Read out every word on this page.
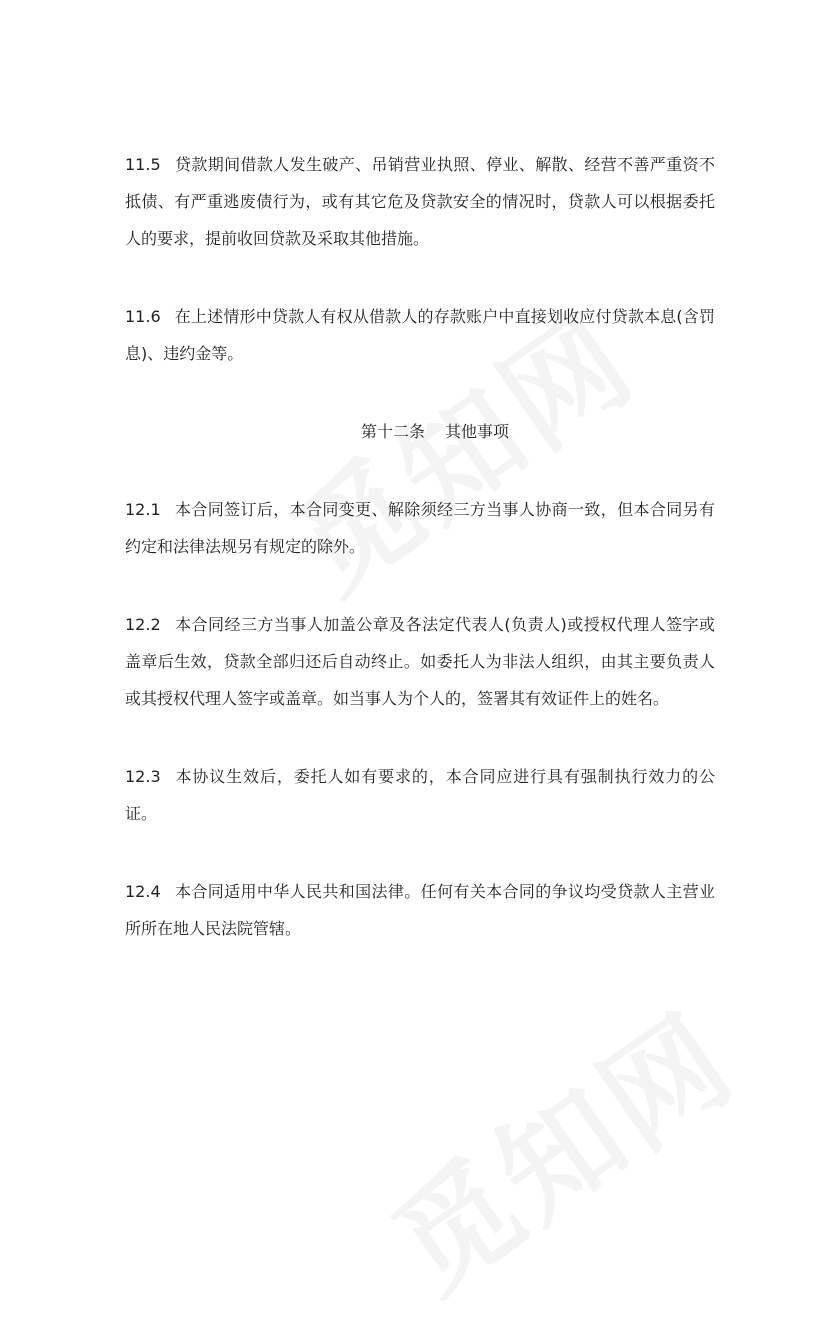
11.5 贷款期间借款人发生破产、吊销营业执照、停业、解散、经营不善严重资不抵债、有严重逃废债行为，或有其它危及贷款安全的情况时，贷款人可以根据委托人的要求，提前收回贷款及采取其他措施。

11.6 在上述情形中贷款人有权从借款人的存款账户中直接划收应付贷款本息(含罚息)、违约金等。

第十二条 其他事项

12.1 本合同签订后，本合同变更、解除须经三方当事人协商一致，但本合同另有约定和法律法规另有规定的除外。

12.2 本合同经三方当事人加盖公章及各法定代表人(负责人)或授权代理人签字或盖章后生效，贷款全部归还后自动终止。如委托人为非法人组织，由其主要负责人或其授权代理人签字或盖章。如当事人为个人的，签署其有效证件上的姓名。

12.3 本协议生效后，委托人如有要求的，本合同应进行具有强制执行效力的公证。

12.4 本合同适用中华人民共和国法律。任何有关本合同的争议均受贷款人主营业所所在地人民法院管辖。
